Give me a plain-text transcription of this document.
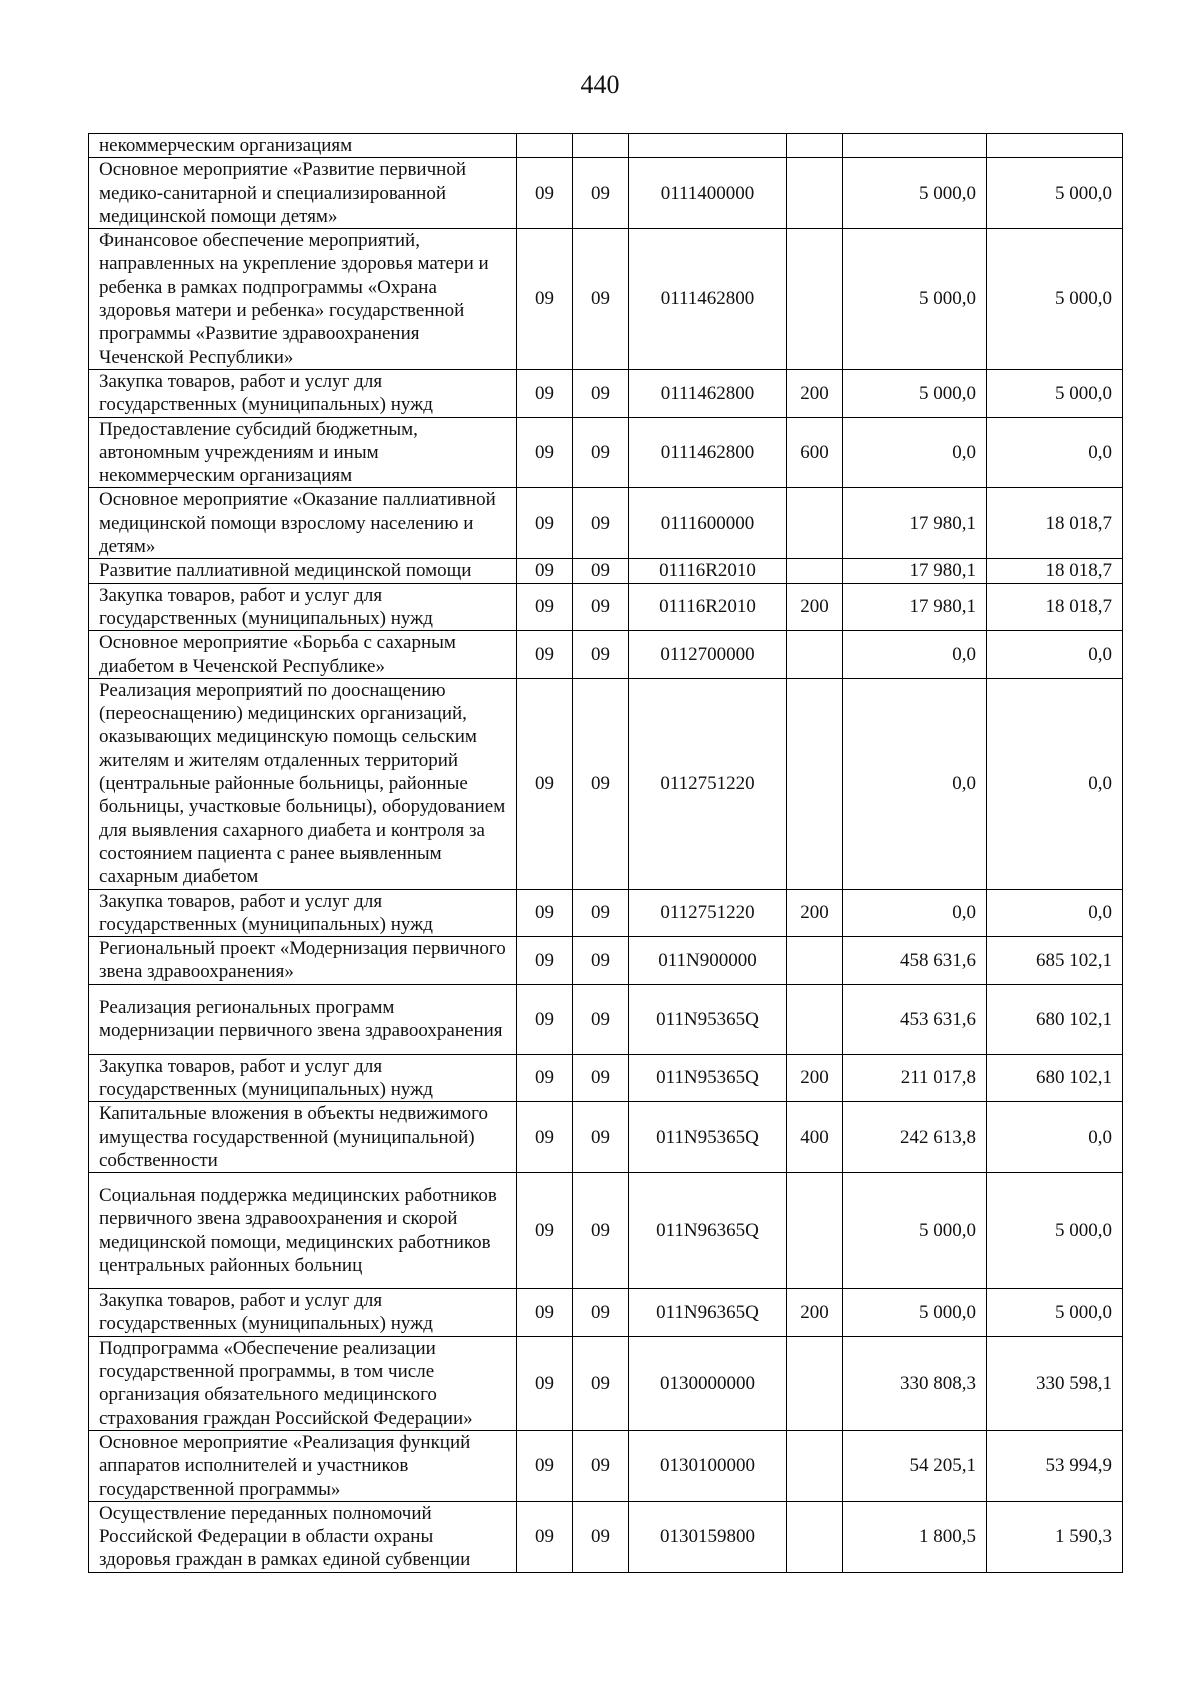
440
некоммерческим организациям						
Основное мероприятие «Развитие первичной медико-санитарной и специализированной медицинской помощи детям»	09	09	0111400000		5 000,0	5 000,0
Финансовое обеспечение мероприятий, направленных на укрепление здоровья матери и ребенка в рамках подпрограммы «Охрана здоровья матери и ребенка» государственной программы «Развитие здравоохранения Чеченской Республики»	09	09	0111462800		5 000,0	5 000,0
Закупка товаров, работ и услуг для государственных (муниципальных) нужд	09	09	0111462800	200	5 000,0	5 000,0
Предоставление субсидий бюджетным, автономным учреждениям и иным некоммерческим организациям	09	09	0111462800	600	0,0	0,0
Основное мероприятие «Оказание паллиативной медицинской помощи взрослому населению и детям»	09	09	0111600000		17 980,1	18 018,7
Развитие паллиативной медицинской помощи	09	09	01116R2010		17 980,1	18 018,7
Закупка товаров, работ и услуг для государственных (муниципальных) нужд	09	09	01116R2010	200	17 980,1	18 018,7
Основное мероприятие «Борьба с сахарным диабетом в Чеченской Республике»	09	09	0112700000		0,0	0,0
Реализация мероприятий по дооснащению (переоснащению) медицинских организаций, оказывающих медицинскую помощь сельским жителям и жителям отдаленных территорий (центральные районные больницы, районные больницы, участковые больницы), оборудованием для выявления сахарного диабета и контроля за состоянием пациента с ранее выявленным сахарным диабетом	09	09	0112751220		0,0	0,0
Закупка товаров, работ и услуг для государственных (муниципальных) нужд	09	09	0112751220	200	0,0	0,0
Региональный проект «Модернизация первичного звена здравоохранения»	09	09	011N900000		458 631,6	685 102,1
Реализация региональных программ модернизации первичного звена здравоохранения	09	09	011N95365Q		453 631,6	680 102,1
Закупка товаров, работ и услуг для государственных (муниципальных) нужд	09	09	011N95365Q	200	211 017,8	680 102,1
Капитальные вложения в объекты недвижимого имущества государственной (муниципальной) собственности	09	09	011N95365Q	400	242 613,8	0,0
Социальная поддержка медицинских работников первичного звена здравоохранения и скорой медицинской помощи, медицинских работников центральных районных больниц	09	09	011N96365Q		5 000,0	5 000,0
Закупка товаров, работ и услуг для государственных (муниципальных) нужд	09	09	011N96365Q	200	5 000,0	5 000,0
Подпрограмма «Обеспечение реализации государственной программы, в том числе организация обязательного медицинского страхования граждан Российской Федерации»	09	09	0130000000		330 808,3	330 598,1
Основное мероприятие «Реализация функций аппаратов исполнителей и участников государственной программы»	09	09	0130100000		54 205,1	53 994,9
Осуществление переданных полномочий Российской Федерации в области охраны здоровья граждан в рамках единой субвенции	09	09	0130159800		1 800,5	1 590,3
